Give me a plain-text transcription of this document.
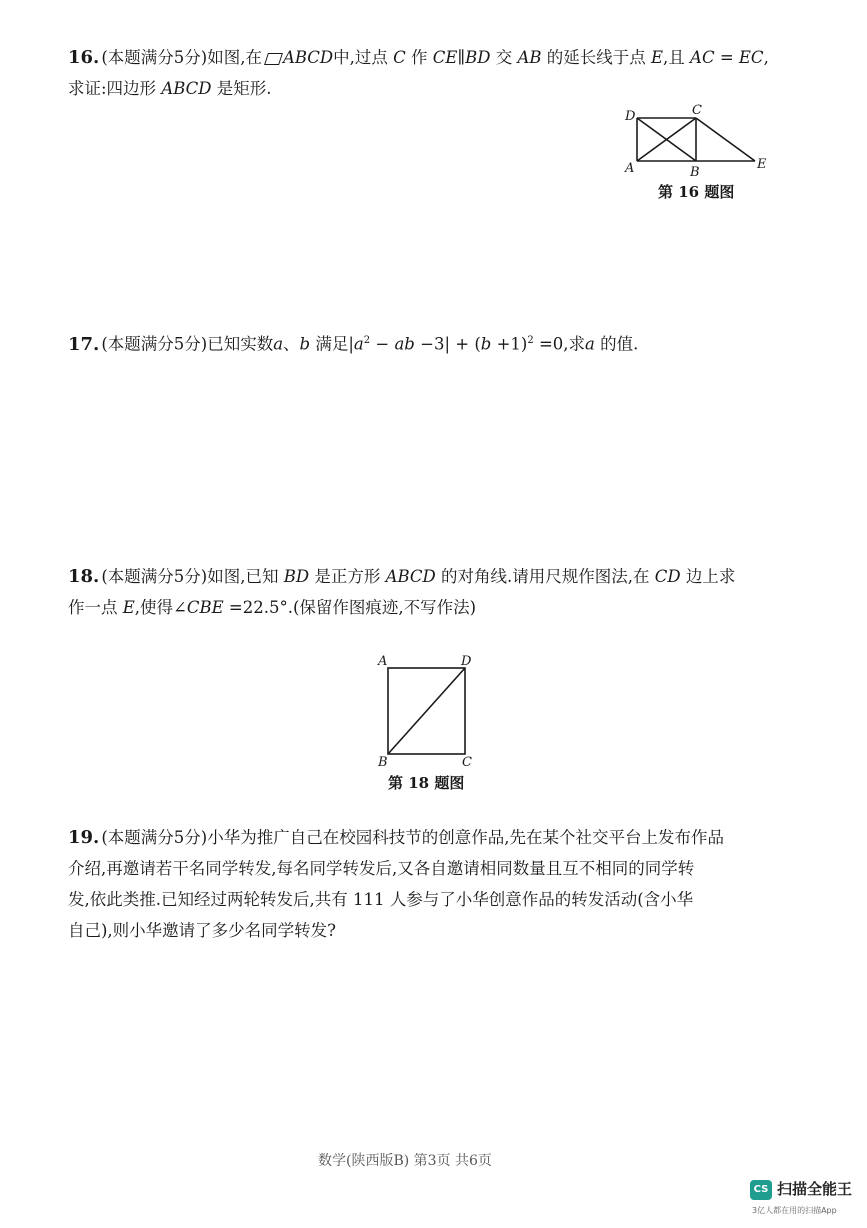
16. (本题满分5分)如图,在 ABCD中,过点 C 作 CE∥BD 交 AB 的延长线于点 E,且 AC = EC,
求证:四边形 ABCD 是矩形.
D	C
A	B
E
第 16 题图
17. (本题满分5分)已知实数a、b 满足$|a^2$ − ab $-3| + (b +1)^2 =0$,求a 的值.
18. (本题满分5分)如图,已知 BD 是正方形 ABCD 的对角线.请用尺规作图法,在 CD 边上求
作一点 E,使得∠CBE =22.5°.(保留作图痕迹,不写作法)
A	D
B	C
第 18 题图
19. (本题满分5分)小华为推广自己在校园科技节的创意作品,先在某个社交平台上发布作品
介绍,再邀请若干名同学转发,每名同学转发后,又各自邀请相同数量且互不相同的同学转
发,依此类推.已知经过两轮转发后,共有 111 人参与了小华创意作品的转发活动(含小华
自己),则小华邀请了多少名同学转发?
数学(陕西版B) 第3页 共6页
CS 扫描全能王
3亿人都在用的扫描App
